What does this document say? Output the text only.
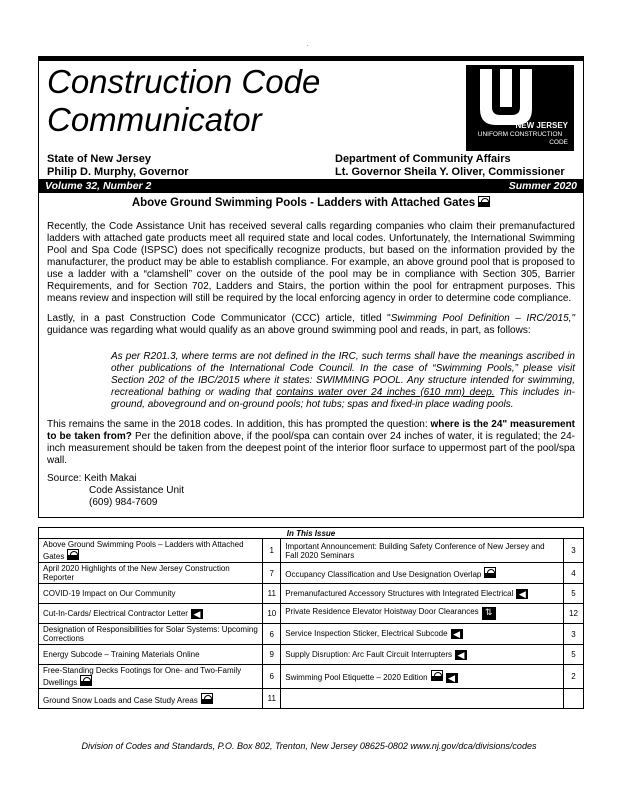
.
Construction Code
Communicator	NEW JERSEY
UNIFORM CONSTRUCTION
CODE
State of New Jersey
Philip D. Murphy, Governor
Department of Community Affairs
Lt. Governor Sheila Y. Oliver, Commissioner
Volume 32, Number 2	Summer 2020
Above Ground Swimming Pools - Ladders with Attached Gates
Recently, the Code Assistance Unit has received several calls regarding companies who claim their premanufactured ladders with attached gate products meet all required state and local codes. Unfortunately, the International Swimming Pool and Spa Code (ISPSC) does not specifically recognize products, but based on the information provided by the manufacturer, the product may be able to establish compliance. For example, an above ground pool that is proposed to use a ladder with a “clamshell” cover on the outside of the pool may be in compliance with Section 305, Barrier Requirements, and for Section 702, Ladders and Stairs, the portion within the pool for entrapment purposes. This means review and inspection will still be required by the local enforcing agency in order to determine code compliance.
Lastly, in a past Construction Code Communicator (CCC) article, titled "Swimming Pool Definition – IRC/2015," guidance was regarding what would qualify as an above ground swimming pool and reads, in part, as follows:
As per R201.3, where terms are not defined in the IRC, such terms shall have the meanings ascribed in other publications of the International Code Council. In the case of “Swimming Pools,” please visit Section 202 of the IBC/2015 where it states: SWIMMING POOL. Any structure intended for swimming, recreational bathing or wading that contains water over 24 inches (610 mm) deep. This includes in-ground, aboveground and on-ground pools; hot tubs; spas and fixed-in place wading pools.
This remains the same in the 2018 codes. In addition, this has prompted the question: where is the 24" measurement to be taken from? Per the definition above, if the pool/spa can contain over 24 inches of water, it is regulated; the 24-inch measurement should be taken from the deepest point of the interior floor surface to uppermost part of the pool/spa wall.
Source: Keith Makai
Code Assistance Unit
(609) 984-7609
In This Issue			
Above Ground Swimming Pools – Ladders with Attached Gates	1	Important Announcement: Building Safety Conference of New Jersey and Fall 2020 Seminars	3
April 2020 Highlights of the New Jersey Construction Reporter	7	Occupancy Classification and Use Designation Overlap	4
COVID-19 Impact on Our Community	11	Premanufactured Accessory Structures with Integrated Electrical ◀	5
Cut-In-Cards/ Electrical Contractor Letter ◀	10	Private Residence Elevator Hoistway Door Clearances ⇅	12
Designation of Responsibilities for Solar Systems: Upcoming Corrections	6	Service Inspection Sticker, Electrical Subcode ◀	3
Energy Subcode – Training Materials Online	9	Supply Disruption: Arc Fault Circuit Interrupters ◀	5
Free-Standing Decks Footings for One- and Two-Family Dwellings	6	Swimming Pool Etiquette – 2020 Edition ◀	2
Ground Snow Loads and Case Study Areas	11		
Division of Codes and Standards, P.O. Box 802, Trenton, New Jersey 08625-0802 www.nj.gov/dca/divisions/codes
